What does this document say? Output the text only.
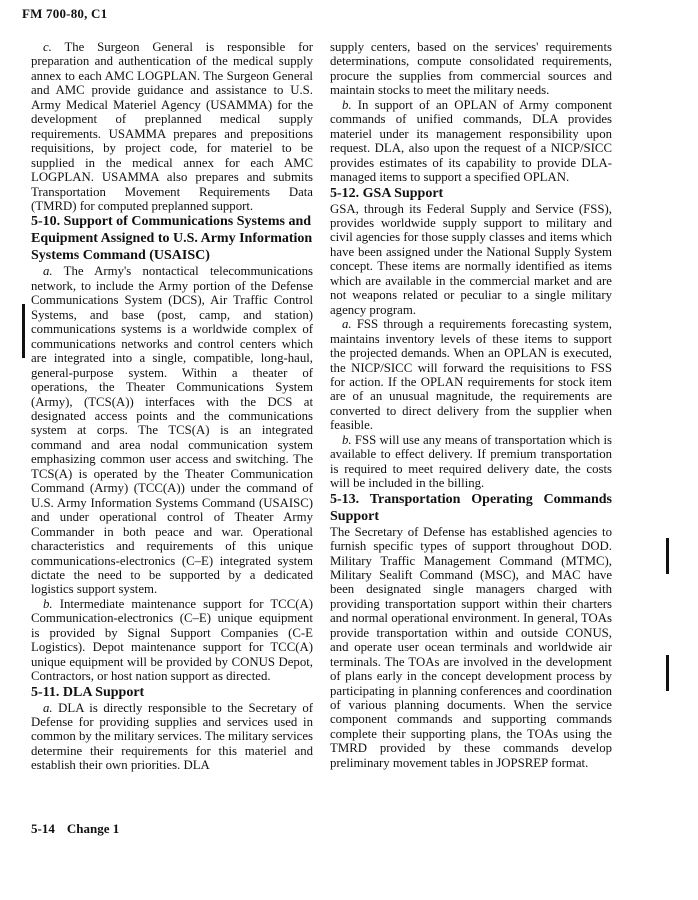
FM 700-80, C1

c. The Surgeon General is responsible for preparation and authentication of the medical supply annex to each AMC LOGPLAN. The Surgeon General and AMC provide guidance and assistance to U.S. Army Medical Materiel Agency (USAMMA) for the development of preplanned medical supply requirements. USAMMA prepares and prepositions requisitions, by project code, for materiel to be supplied in the medical annex for each AMC LOGPLAN. USAMMA also prepares and submits Transportation Movement Requirements Data (TMRD) for computed preplanned support.

5-10. Support of Communications Systems and Equipment Assigned to U.S. Army Information Systems Command (USAISC)

a. The Army's nontactical telecommunications network, to include the Army portion of the Defense Communications System (DCS), Air Traffic Control Systems, and base (post, camp, and station) communications systems is a worldwide complex of communications networks and control centers which are integrated into a single, compatible, long-haul, general-purpose system. Within a theater of operations, the Theater Communications System (Army), (TCS(A)) interfaces with the DCS at designated access points and the communications system at corps. The TCS(A) is an integrated command and area nodal communication system emphasizing common user access and switching. The TCS(A) is operated by the Theater Communication Command (Army) (TCC(A)) under the command of U.S. Army Information Systems Command (USAISC) and under operational control of Theater Army Commander in both peace and war. Operational characteristics and requirements of this unique communications-electronics (C–E) integrated system dictate the need to be supported by a dedicated logistics support system.

b. Intermediate maintenance support for TCC(A) Communication-electronics (C–E) unique equipment is provided by Signal Support Companies (C-E Logistics). Depot maintenance support for TCC(A) unique equipment will be provided by CONUS Depot, Contractors, or host nation support as directed.

5-11. DLA Support

a. DLA is directly responsible to the Secretary of Defense for providing supplies and services used in common by the military services. The military services determine their requirements for this materiel and establish their own priorities. DLA

supply centers, based on the services' requirements determinations, compute consolidated requirements, procure the supplies from commercial sources and maintain stocks to meet the military needs.

b. In support of an OPLAN of Army component commands of unified commands, DLA provides materiel under its management responsibility upon request. DLA, also upon the request of a NICP/SICC provides estimates of its capability to provide DLA-managed items to support a specified OPLAN.

5-12. GSA Support

GSA, through its Federal Supply and Service (FSS), provides worldwide supply support to military and civil agencies for those supply classes and items which have been assigned under the National Supply System concept. These items are normally identified as items which are available in the commercial market and are not weapons related or peculiar to a single military agency program.

a. FSS through a requirements forecasting system, maintains inventory levels of these items to support the projected demands. When an OPLAN is executed, the NICP/SICC will forward the requisitions to FSS for action. If the OPLAN requirements for stock item are of an unusual magnitude, the requirements are converted to direct delivery from the supplier when feasible.

b. FSS will use any means of transportation which is available to effect delivery. If premium transportation is required to meet required delivery date, the costs will be included in the billing.

5-13. Transportation Operating Commands Support

The Secretary of Defense has established agencies to furnish specific types of support throughout DOD. Military Traffic Management Command (MTMC), Military Sealift Command (MSC), and MAC have been designated single managers charged with providing transportation support within their charters and normal operational environment. In general, TOAs provide transportation within and outside CONUS, and operate user ocean terminals and worldwide air terminals. The TOAs are involved in the development of plans early in the concept development process by participating in planning conferences and coordination of various planning documents. When the service component commands and supporting commands complete their supporting plans, the TOAs using the TMRD provided by these commands develop preliminary movement tables in JOPSREP format.

5-14 Change 1
